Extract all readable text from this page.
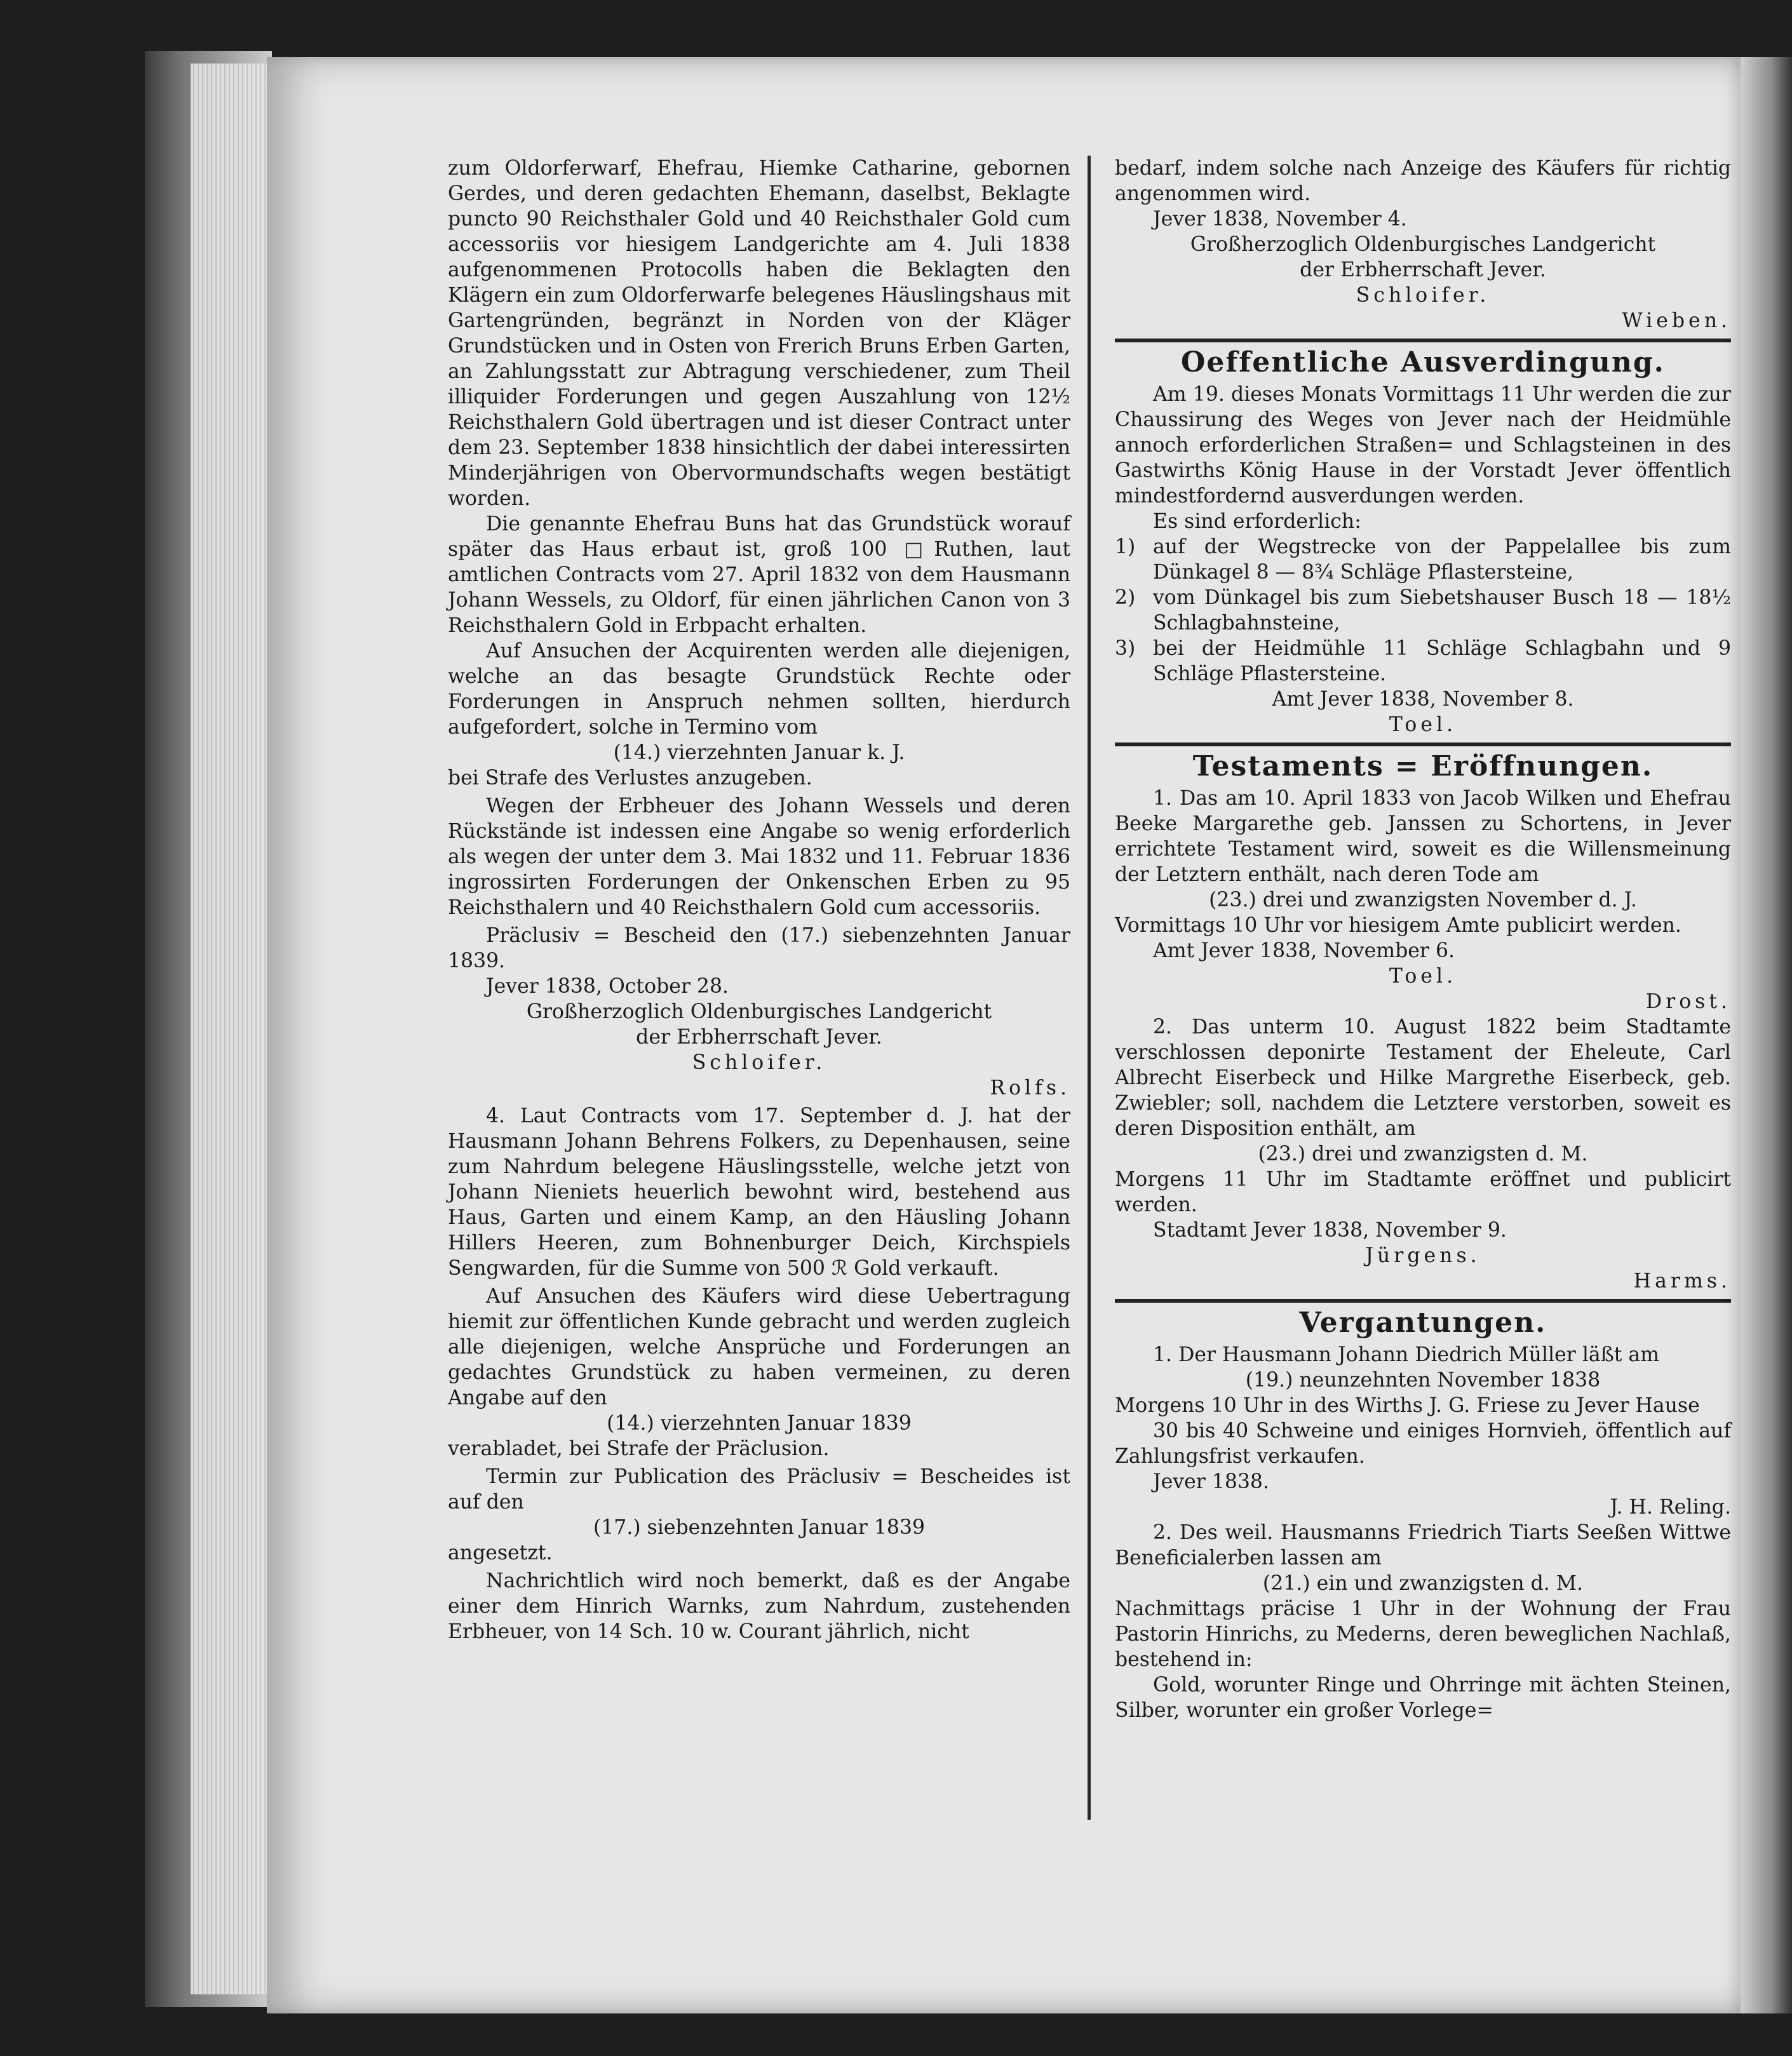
zum Oldorferwarf, Ehefrau, Hiemke Catharine, gebornen Gerdes, und deren gedachten Ehemann, daselbst, Beklagte puncto 90 Reichsthaler Gold und 40 Reichsthaler Gold cum accessoriis vor hiesigem Landgerichte am 4. Juli 1838 aufgenommenen Protocolls haben die Beklagten den Klägern ein zum Oldorferwarfe belegenes Häuslingshaus mit Gartengründen, begränzt in Norden von der Kläger Grundstücken und in Osten von Frerich Bruns Erben Garten, an Zahlungsstatt zur Abtragung verschiedener, zum Theil illiquider Forderungen und gegen Auszahlung von 12½ Reichsthalern Gold übertragen und ist dieser Contract unter dem 23. September 1838 hinsichtlich der dabei interessirten Minderjährigen von Obervormundschafts wegen bestätigt worden.

Die genannte Ehefrau Buns hat das Grundstück worauf später das Haus erbaut ist, groß 100 □Ruthen, laut amtlichen Contracts vom 27. April 1832 von dem Hausmann Johann Wessels, zu Oldorf, für einen jährlichen Canon von 3 Reichsthalern Gold in Erbpacht erhalten.

Auf Ansuchen der Acquirenten werden alle diejenigen, welche an das besagte Grundstück Rechte oder Forderungen in Anspruch nehmen sollten, hierdurch aufgefordert, solche in Termino vom

(14.) vierzehnten Januar k. J.

bei Strafe des Verlustes anzugeben.

Wegen der Erbheuer des Johann Wessels und deren Rückstände ist indessen eine Angabe so wenig erforderlich als wegen der unter dem 3. Mai 1832 und 11. Februar 1836 ingrossirten Forderungen der Onkenschen Erben zu 95 Reichsthalern und 40 Reichsthalern Gold cum accessoriis.

Präclusiv = Bescheid den (17.) siebenzehnten Januar 1839.

Jever 1838, October 28.

Großherzoglich Oldenburgisches Landgericht

der Erbherrschaft Jever.

Schloifer.

Rolfs.

4. Laut Contracts vom 17. September d. J. hat der Hausmann Johann Behrens Folkers, zu Depenhausen, seine zum Nahrdum belegene Häuslingsstelle, welche jetzt von Johann Nieniets heuerlich bewohnt wird, bestehend aus Haus, Garten und einem Kamp, an den Häusling Johann Hillers Heeren, zum Bohnenburger Deich, Kirchspiels Sengwarden, für die Summe von 500 ℛ Gold verkauft.

Auf Ansuchen des Käufers wird diese Uebertragung hiemit zur öffentlichen Kunde gebracht und werden zugleich alle diejenigen, welche Ansprüche und Forderungen an gedachtes Grundstück zu haben vermeinen, zu deren Angabe auf den

(14.) vierzehnten Januar 1839

verabladet, bei Strafe der Präclusion.

Termin zur Publication des Präclusiv = Bescheides ist auf den

(17.) siebenzehnten Januar 1839

angesetzt.

Nachrichtlich wird noch bemerkt, daß es der Angabe einer dem Hinrich Warnks, zum Nahrdum, zustehenden Erbheuer, von 14 Sch. 10 w. Courant jährlich, nicht

bedarf, indem solche nach Anzeige des Käufers für richtig angenommen wird.

Jever 1838, November 4.

Großherzoglich Oldenburgisches Landgericht

der Erbherrschaft Jever.

Schloifer.

Wieben.

Oeffentliche Ausverdingung.

Am 19. dieses Monats Vormittags 11 Uhr werden die zur Chaussirung des Weges von Jever nach der Heidmühle annoch erforderlichen Straßen= und Schlagsteinen in des Gastwirths König Hause in der Vorstadt Jever öffentlich mindestfordernd ausverdungen werden.

Es sind erforderlich:

1) auf der Wegstrecke von der Pappelallee bis zum Dünkagel 8 — 8¾ Schläge Pflastersteine,
2) vom Dünkagel bis zum Siebetshauser Busch 18 — 18½ Schlagbahnsteine,
3) bei der Heidmühle 11 Schläge Schlagbahn und 9 Schläge Pflastersteine.

Amt Jever 1838, November 8.

Toel.

Testaments = Eröffnungen.

1. Das am 10. April 1833 von Jacob Wilken und Ehefrau Beeke Margarethe geb. Janssen zu Schortens, in Jever errichtete Testament wird, soweit es die Willensmeinung der Letztern enthält, nach deren Tode am

(23.) drei und zwanzigsten November d. J.

Vormittags 10 Uhr vor hiesigem Amte publicirt werden.

Amt Jever 1838, November 6.

Toel.

Drost.

2. Das unterm 10. August 1822 beim Stadtamte verschlossen deponirte Testament der Eheleute, Carl Albrecht Eiserbeck und Hilke Margrethe Eiserbeck, geb. Zwiebler; soll, nachdem die Letztere verstorben, soweit es deren Disposition enthält, am

(23.) drei und zwanzigsten d. M.

Morgens 11 Uhr im Stadtamte eröffnet und publicirt werden.

Stadtamt Jever 1838, November 9.

Jürgens.

Harms.

Vergantungen.

1. Der Hausmann Johann Diedrich Müller läßt am

(19.) neunzehnten November 1838

Morgens 10 Uhr in des Wirths J. G. Friese zu Jever Hause

30 bis 40 Schweine und einiges Hornvieh, öffentlich auf Zahlungsfrist verkaufen.

Jever 1838.

J. H. Reling.

2. Des weil. Hausmanns Friedrich Tiarts Seeßen Wittwe Beneficialerben lassen am

(21.) ein und zwanzigsten d. M.

Nachmittags präcise 1 Uhr in der Wohnung der Frau Pastorin Hinrichs, zu Mederns, deren beweglichen Nachlaß, bestehend in:

Gold, worunter Ringe und Ohrringe mit ächten Steinen, Silber, worunter ein großer Vorlege=
